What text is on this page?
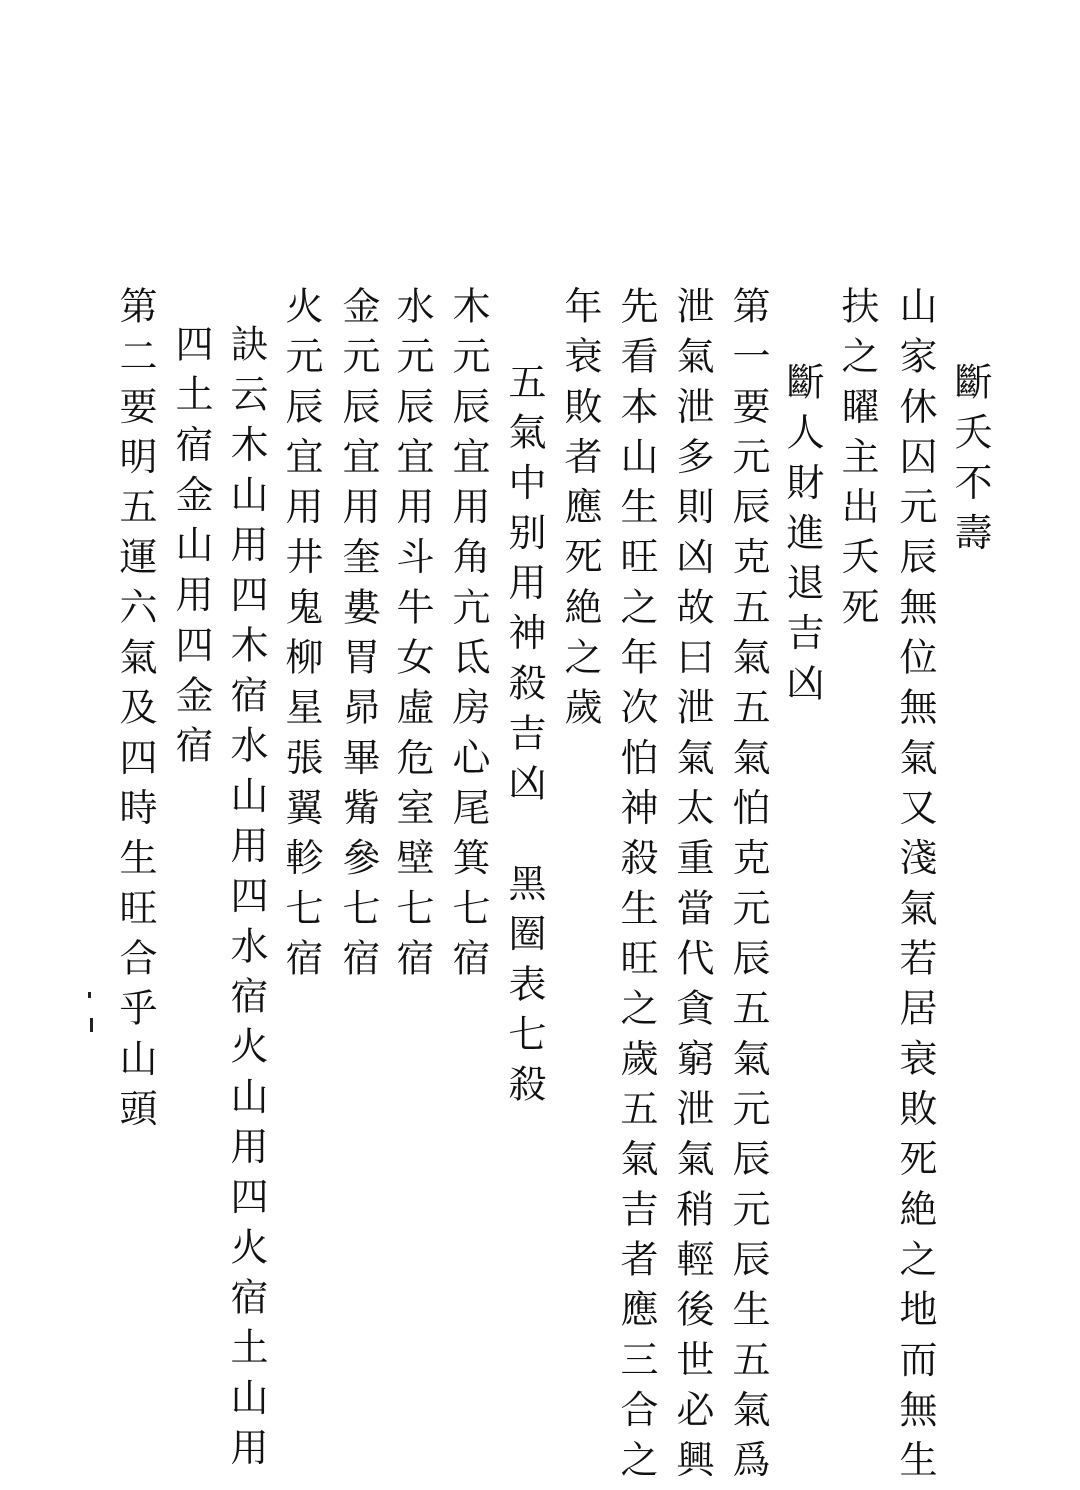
斷夭不壽
山家休囚元辰無位無氣又淺氣若居衰敗死絶之地而無生
扶之矅主出夭死
斷人財進退吉凶
第一要元辰克五氣五氣怕克元辰五氣元辰元辰生五氣爲
泄氣泄多則凶故曰泄氣太重當代貪窮泄氣稍輕後世必興
先看本山生旺之年次怕神殺生旺之歲五氣吉者應三合之
年衰敗者應死絶之歲
五氣中别用神殺吉凶　黑圈表七殺
木元辰宜用角亢氐房心尾箕七宿
水元辰宜用斗牛女虛危室壁七宿
金元辰宜用奎婁胃昴畢觜參七宿
火元辰宜用井鬼柳星張翼軫七宿
訣云木山用四木宿水山用四水宿火山用四火宿土山用
四土宿金山用四金宿
第二要明五運六氣及四時生旺合乎山頭
